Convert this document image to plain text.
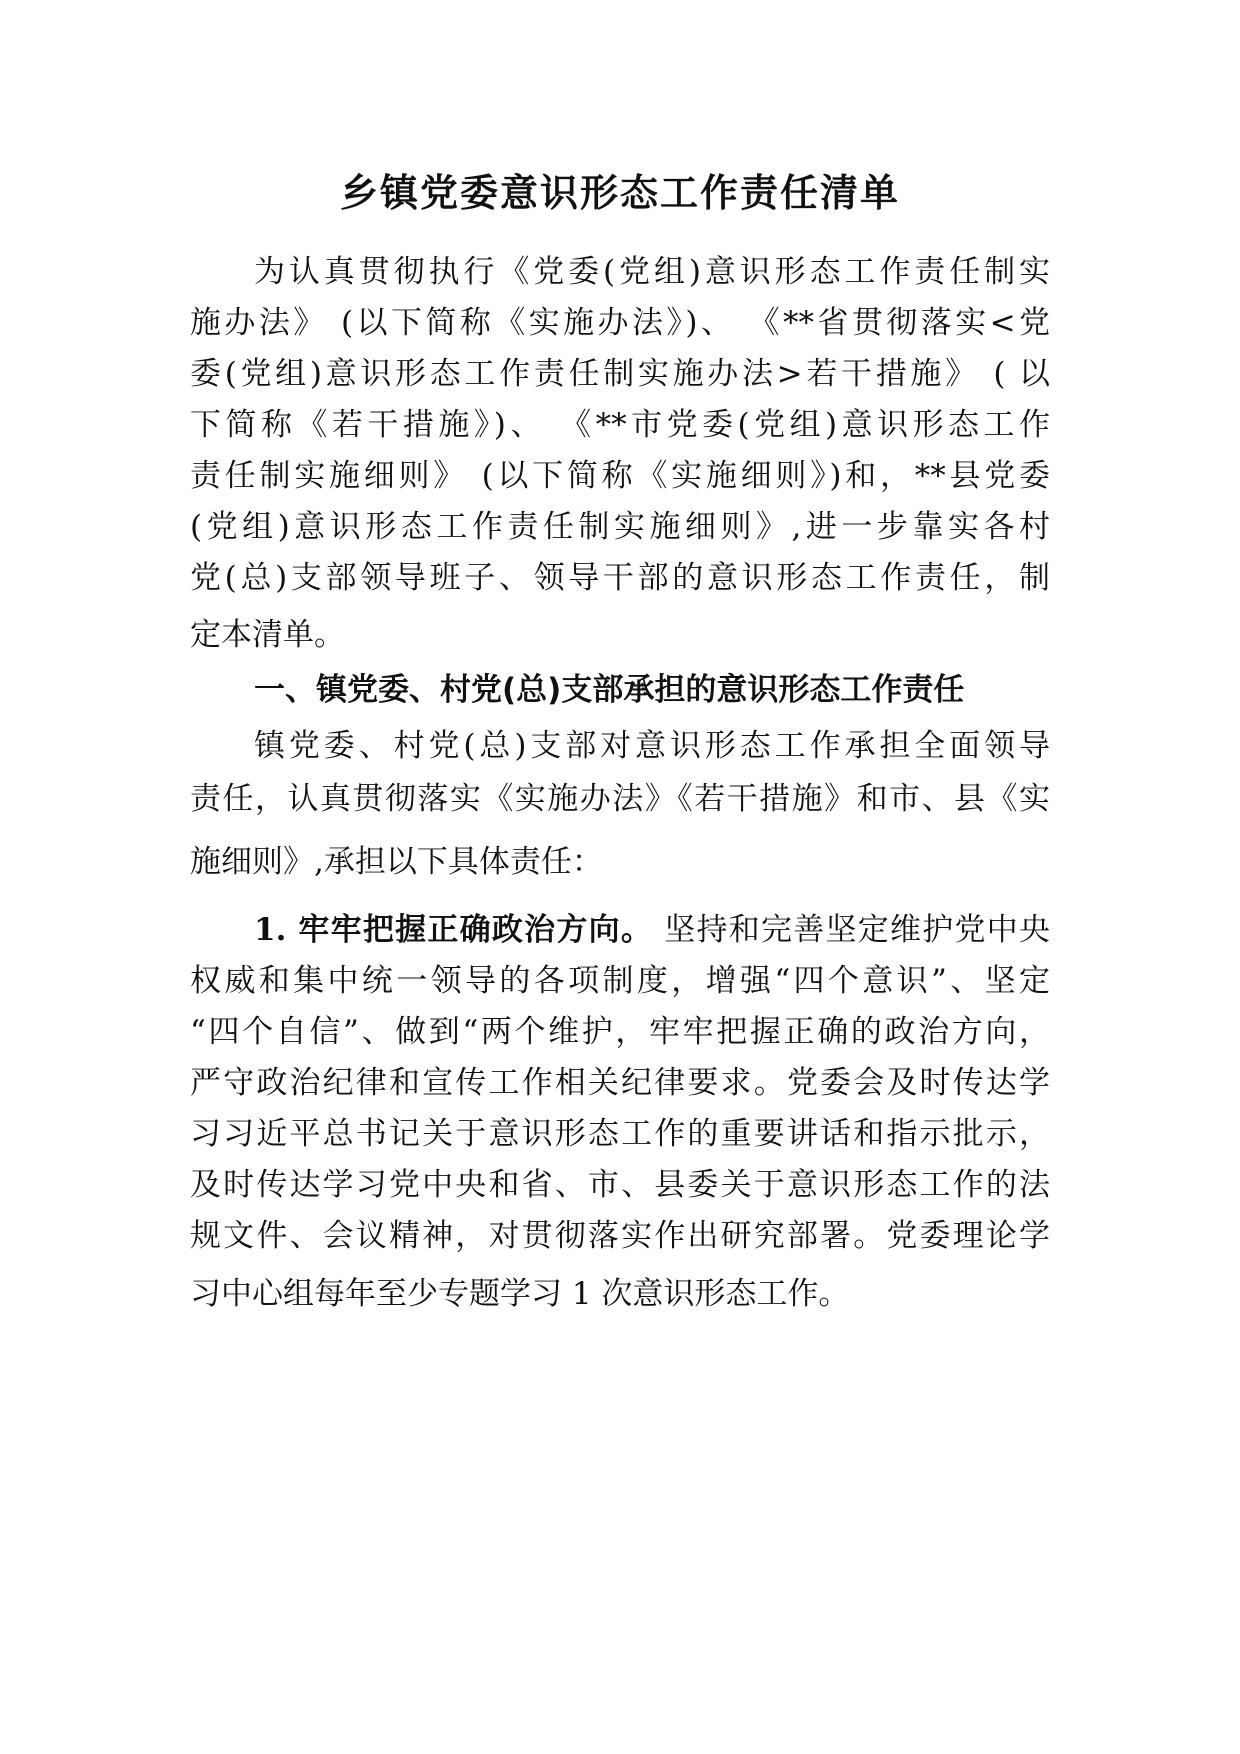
乡镇党委意识形态工作责任清单

为认真贯彻执行《党委(党组)意识形态工作责任制实

施办法》 (以下简称《实施办法》)、 《**省贯彻落实<党

委(党组)意识形态工作责任制实施办法>若干措施》 ( 以

下简称《若干措施》)、 《**市党委(党组)意识形态工作

责任制实施细则》 (以下简称《实施细则》)和，**县党委

(党组)意识形态工作责任制实施细则》,进一步靠实各村

党(总)支部领导班子、领导干部的意识形态工作责任，制

定本清单。

一、镇党委、村党(总)支部承担的意识形态工作责任

镇党委、村党(总)支部对意识形态工作承担全面领导

责任，认真贯彻落实《实施办法》《若干措施》和市、县《实

施细则》,承担以下具体责任：

1. 牢牢把握正确政治方向。 坚持和完善坚定维护党中央

权威和集中统一领导的各项制度，增强“四个意识”、坚定

“四个自信”、做到“两个维护，牢牢把握正确的政治方向，

严守政治纪律和宣传工作相关纪律要求。党委会及时传达学

习习近平总书记关于意识形态工作的重要讲话和指示批示，

及时传达学习党中央和省、市、县委关于意识形态工作的法

规文件、会议精神，对贯彻落实作出研究部署。党委理论学

习中心组每年至少专题学习 1 次意识形态工作。
